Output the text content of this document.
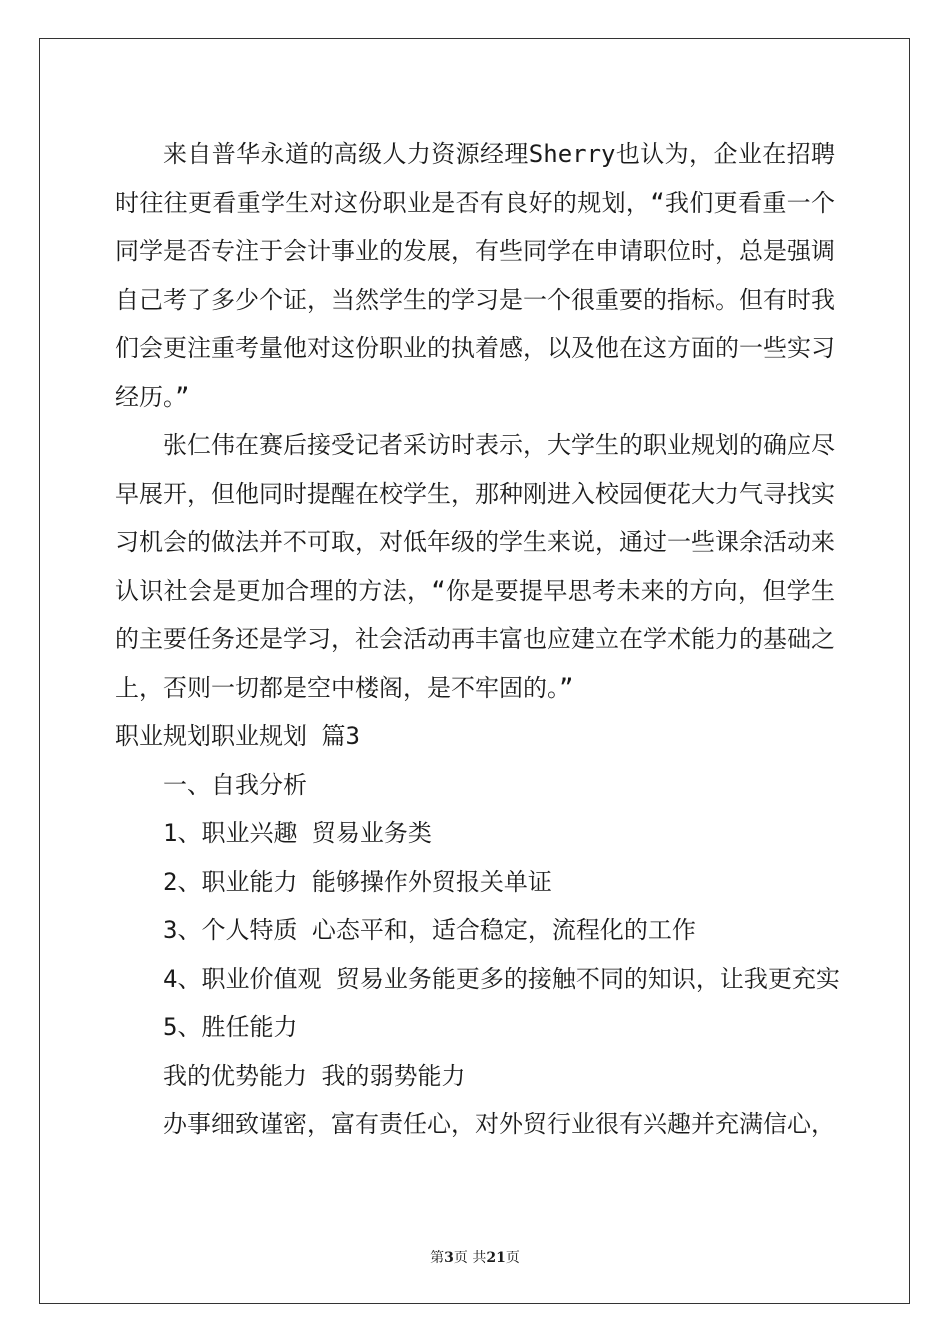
来自普华永道的高级人力资源经理Sherry也认为，企业在招聘时往往更看重学生对这份职业是否有良好的规划，“我们更看重一个同学是否专注于会计事业的发展，有些同学在申请职位时，总是强调自己考了多少个证，当然学生的学习是一个很重要的指标。但有时我们会更注重考量他对这份职业的执着感，以及他在这方面的一些实习经历。”

张仁伟在赛后接受记者采访时表示，大学生的职业规划的确应尽早展开，但他同时提醒在校学生，那种刚进入校园便花大力气寻找实习机会的做法并不可取，对低年级的学生来说，通过一些课余活动来认识社会是更加合理的方法，“你是要提早思考未来的方向，但学生的主要任务还是学习，社会活动再丰富也应建立在学术能力的基础之上，否则一切都是空中楼阁，是不牢固的。”

职业规划职业规划 篇3

一、自我分析

1、职业兴趣 贸易业务类

2、职业能力 能够操作外贸报关单证

3、个人特质 心态平和，适合稳定，流程化的工作

4、职业价值观 贸易业务能更多的接触不同的知识，让我更充实

5、胜任能力

我的优势能力 我的弱势能力

办事细致谨密，富有责任心，对外贸行业很有兴趣并充满信心，

第3页 共21页
